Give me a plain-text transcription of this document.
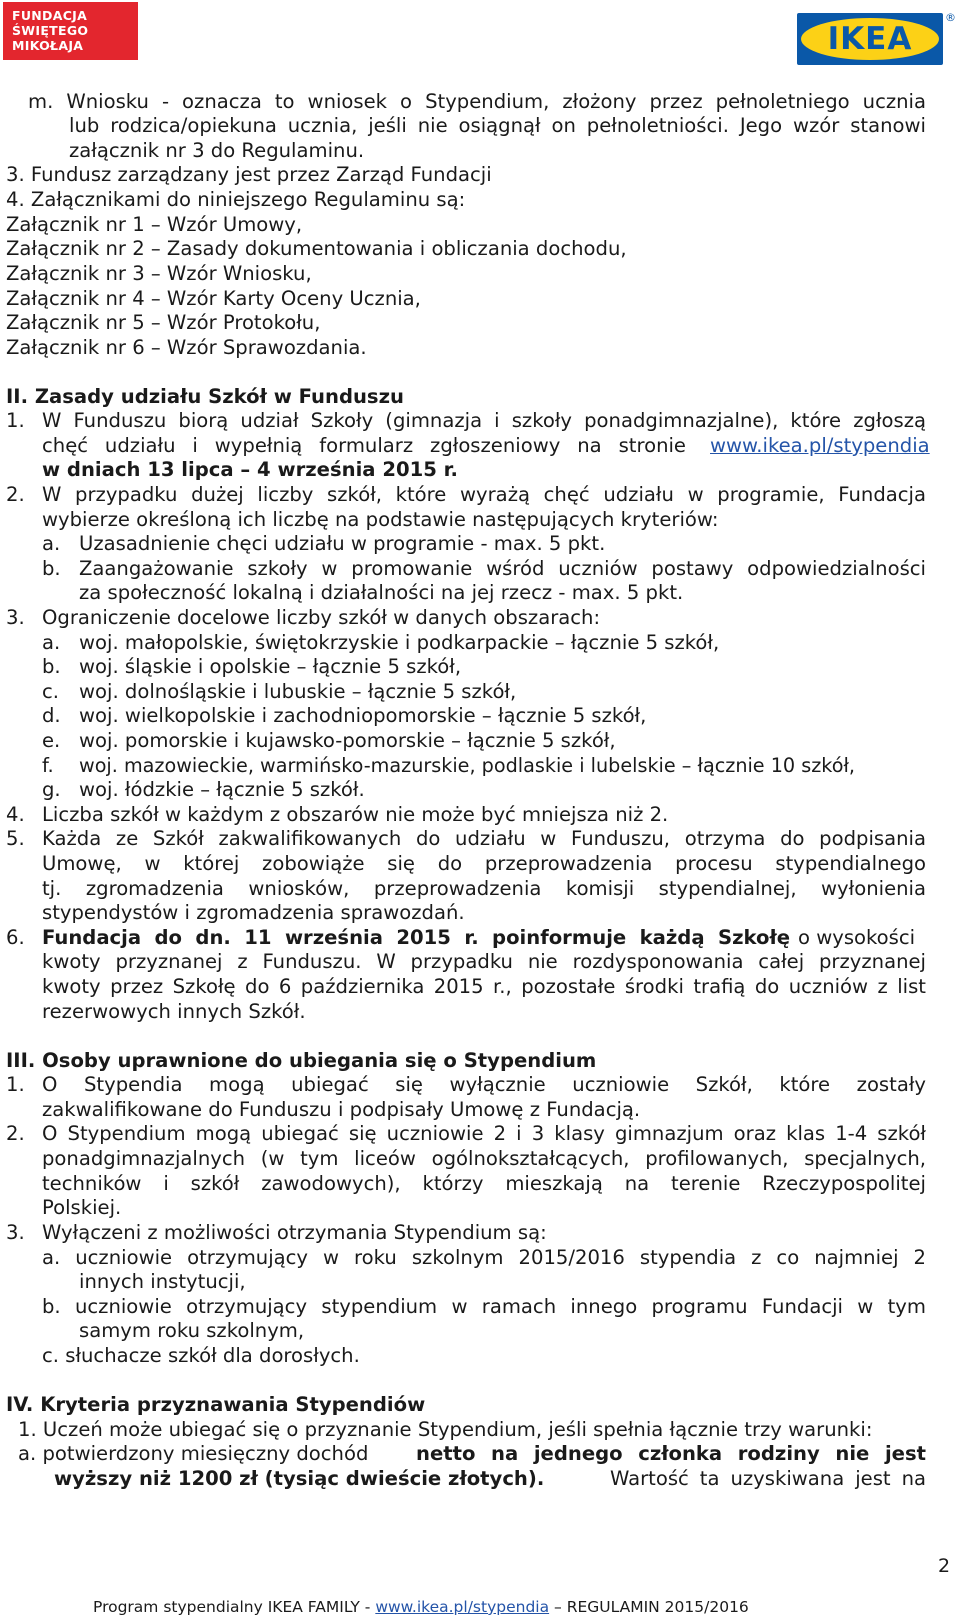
FUNDACJA
ŚWIĘTEGO
MIKOŁAJA	IKEA
®
m. Wniosku - oznacza to wniosek o Stypendium, złożony przez pełnoletniego ucznia
lub rodzica/opiekuna ucznia, jeśli nie osiągnął on pełnoletniości. Jego wzór stanowi
załącznik nr 3 do Regulaminu.
3. Fundusz zarządzany jest przez Zarząd Fundacji
4. Załącznikami do niniejszego Regulaminu są:
Załącznik nr 1 – Wzór Umowy,
Załącznik nr 2 – Zasady dokumentowania i obliczania dochodu,
Załącznik nr 3 – Wzór Wniosku,
Załącznik nr 4 – Wzór Karty Oceny Ucznia,
Załącznik nr 5 – Wzór Protokołu,
Załącznik nr 6 – Wzór Sprawozdania.
II. Zasady udziału Szkół w Funduszu
1. W Funduszu biorą udział Szkoły (gimnazja i szkoły ponadgimnazjalne), które zgłoszą
chęć udziału i wypełnią formularz zgłoszeniowy na stronie www.ikea.pl/stypendia
w dniach 13 lipca – 4 września 2015 r.
2. W przypadku dużej liczby szkół, które wyrażą chęć udziału w programie, Fundacja
wybierze określoną ich liczbę na podstawie następujących kryteriów:
a. Uzasadnienie chęci udziału w programie - max. 5 pkt.
b. Zaangażowanie szkoły w promowanie wśród uczniów postawy odpowiedzialności
za społeczność lokalną i działalności na jej rzecz - max. 5 pkt.
3. Ograniczenie docelowe liczby szkół w danych obszarach:
a. woj. małopolskie, świętokrzyskie i podkarpackie – łącznie 5 szkół,
b. woj. śląskie i opolskie – łącznie 5 szkół,
c. woj. dolnośląskie i lubuskie – łącznie 5 szkół,
d. woj. wielkopolskie i zachodniopomorskie – łącznie 5 szkół,
e. woj. pomorskie i kujawsko-pomorskie – łącznie 5 szkół,
f. woj. mazowieckie, warmińsko-mazurskie, podlaskie i lubelskie – łącznie 10 szkół,
g. woj. łódzkie – łącznie 5 szkół.
4. Liczba szkół w każdym z obszarów nie może być mniejsza niż 2.
5. Każda ze Szkół zakwalifikowanych do udziału w Funduszu, otrzyma do podpisania
Umowę, w której zobowiąże się do przeprowadzenia procesu stypendialnego
tj. zgromadzenia wniosków, przeprowadzenia komisji stypendialnej, wyłonienia
stypendystów i zgromadzenia sprawozdań.
6. Fundacja do dn. 11 września 2015 r. poinformuje każdą Szkołę o wysokości
kwoty przyznanej z Funduszu. W przypadku nie rozdysponowania całej przyznanej
kwoty przez Szkołę do 6 października 2015 r., pozostałe środki trafią do uczniów z list
rezerwowych innych Szkół.
III. Osoby uprawnione do ubiegania się o Stypendium
1. O Stypendia mogą ubiegać się wyłącznie uczniowie Szkół, które zostały
zakwalifikowane do Funduszu i podpisały Umowę z Fundacją.
2. O Stypendium mogą ubiegać się uczniowie 2 i 3 klasy gimnazjum oraz klas 1-4 szkół
ponadgimnazjalnych (w tym liceów ogólnokształcących, profilowanych, specjalnych,
techników i szkół zawodowych), którzy mieszkają na terenie Rzeczypospolitej
Polskiej.
3. Wyłączeni z możliwości otrzymania Stypendium są:
a. uczniowie otrzymujący w roku szkolnym 2015/2016 stypendia z co najmniej 2
innych instytucji,
b. uczniowie otrzymujący stypendium w ramach innego programu Fundacji w tym
samym roku szkolnym,
c. słuchacze szkół dla dorosłych.
IV. Kryteria przyznawania Stypendiów
1. Uczeń może ubiegać się o przyznanie Stypendium, jeśli spełnia łącznie trzy warunki:
a. potwierdzony miesięczny dochód netto na jednego członka rodziny nie jest
wyższy niż 1200 zł (tysiąc dwieście złotych).	Wartość ta uzyskiwana jest na
2
Program stypendialny IKEA FAMILY - www.ikea.pl/stypendia – REGULAMIN 2015/2016
